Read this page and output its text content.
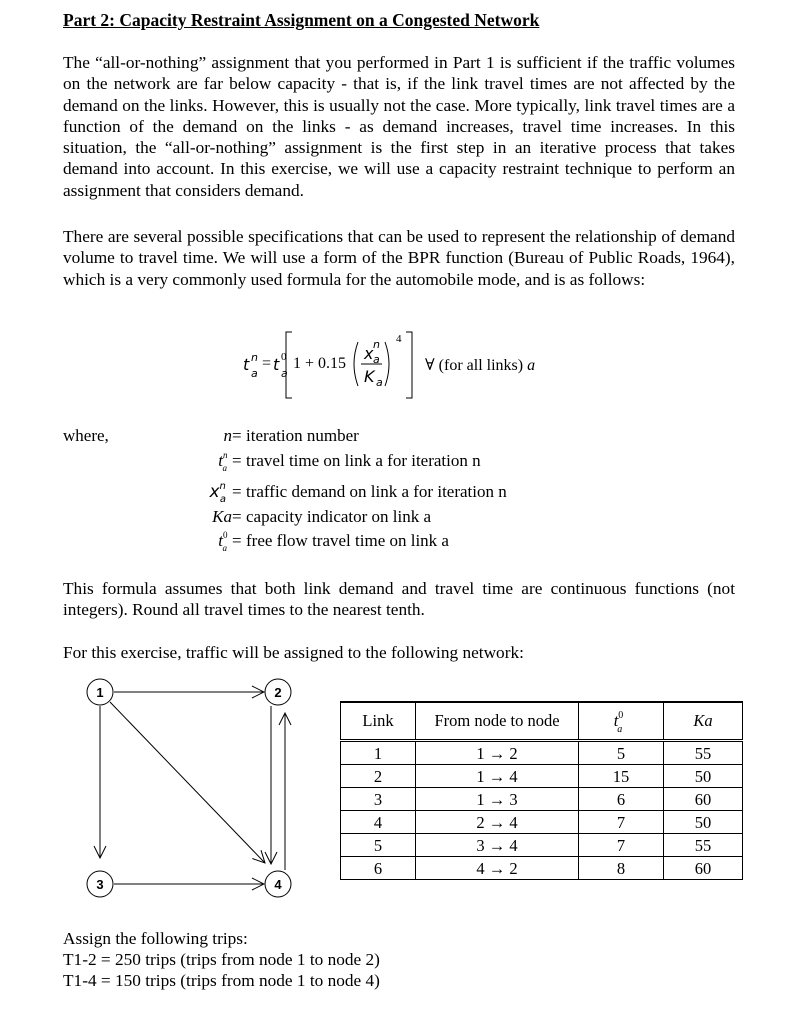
Part 2: Capacity Restraint Assignment on a Congested Network
The “all-or-nothing” assignment that you performed in Part 1 is sufficient if the traffic volumes on the network are far below capacity - that is, if the link travel times are not affected by the demand on the links. However, this is usually not the case. More typically, link travel times are a function of the demand on the links - as demand increases, travel time increases. In this situation, the “all-or-nothing” assignment is the first step in an iterative process that takes demand into account. In this exercise, we will use a capacity restraint technique to perform an assignment that considers demand.
There are several possible specifications that can be used to represent the relationship of demand volume to travel time. We will use a form of the BPR function (Bureau of Public Roads, 1964), which is a very commonly used formula for the automobile mode, and is as follows:
t n
a
= t 0
a
1 + 0.15
x n
a
K a
4
∀ (for all links) a
where,	n = iteration number
$t^n_a$ = travel time on link a for iteration n
$x^n_a$ = traffic demand on link a for iteration n
Ka = capacity indicator on link a
$t^0_a$ = free flow travel time on link a
This formula assumes that both link demand and travel time are continuous functions (not integers). Round all travel times to the nearest tenth.
For this exercise, traffic will be assigned to the following network:
1	2
3	4
Link	From node to node	$t^0_a$	Ka
1	1 → 2	5	55
2	1 → 4	15	50
3	1 → 3	6	60
4	2 → 4	7	50
5	3 → 4	7	55
6	4 → 2	8	60
Assign the following trips:
T1-2 = 250 trips (trips from node 1 to node 2)
T1-4 = 150 trips (trips from node 1 to node 4)
